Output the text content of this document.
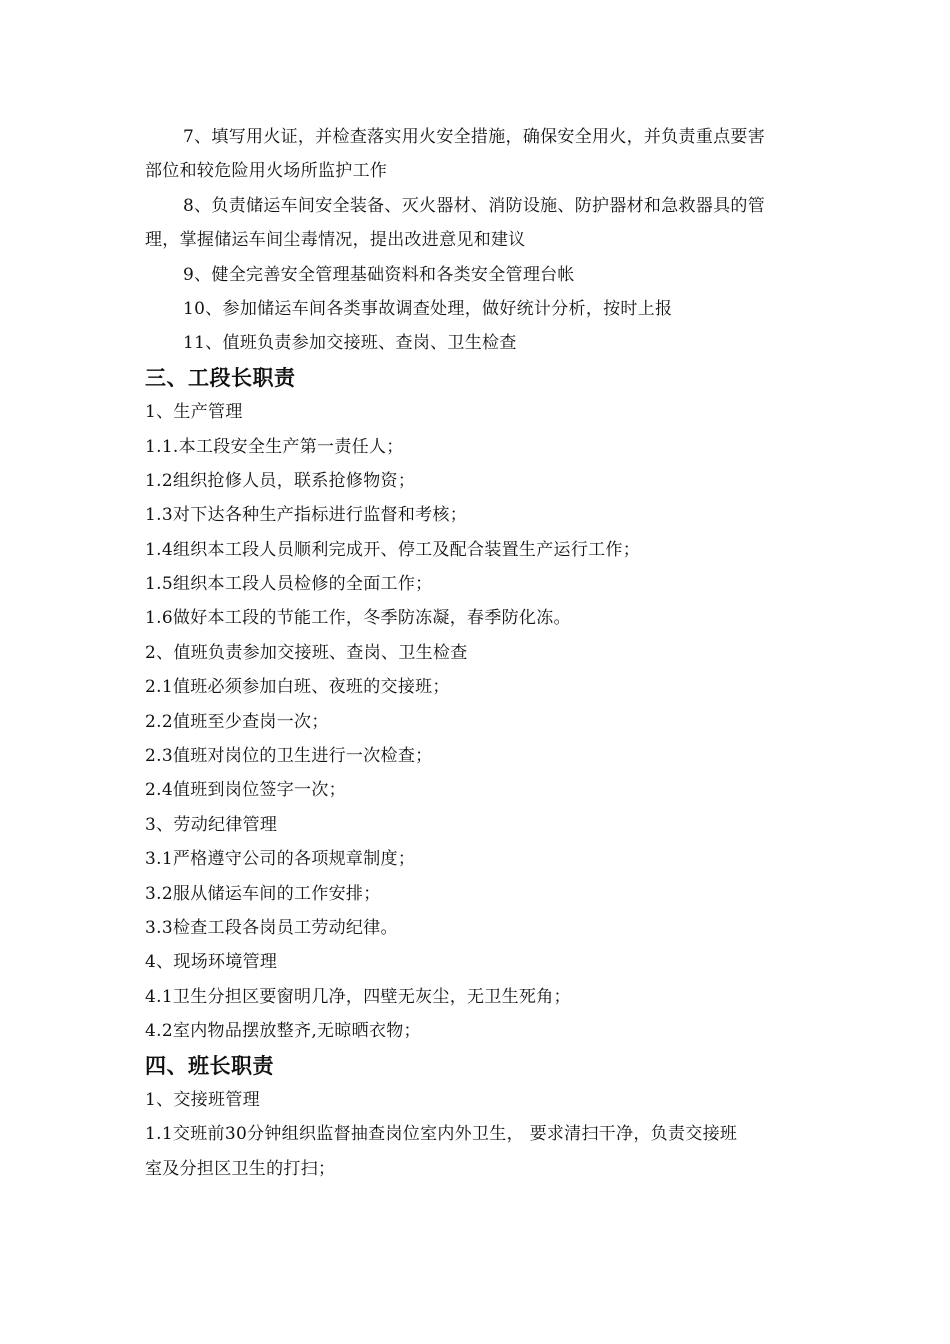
7、填写用火证，并检查落实用火安全措施，确保安全用火，并负责重点要害
部位和较危险用火场所监护工作
8、负责储运车间安全装备、灭火器材、消防设施、防护器材和急救器具的管
理，掌握储运车间尘毒情况，提出改进意见和建议
9、健全完善安全管理基础资料和各类安全管理台帐
10、参加储运车间各类事故调查处理，做好统计分析，按时上报
11、值班负责参加交接班、查岗、卫生检查
三、工段长职责
1、生产管理
1.1.本工段安全生产第一责任人；
1.2组织抢修人员，联系抢修物资；
1.3对下达各种生产指标进行监督和考核；
1.4组织本工段人员顺利完成开、停工及配合装置生产运行工作；
1.5组织本工段人员检修的全面工作；
1.6做好本工段的节能工作，冬季防冻凝，春季防化冻。
2、值班负责参加交接班、查岗、卫生检查
2.1值班必须参加白班、夜班的交接班；
2.2值班至少查岗一次；
2.3值班对岗位的卫生进行一次检查；
2.4值班到岗位签字一次；
3、劳动纪律管理
3.1严格遵守公司的各项规章制度；
3.2服从储运车间的工作安排；
3.3检查工段各岗员工劳动纪律。
4、现场环境管理
4.1卫生分担区要窗明几净，四壁无灰尘，无卫生死角；
4.2室内物品摆放整齐,无晾晒衣物；
四、班长职责
1、交接班管理
1.1交班前30分钟组织监督抽查岗位室内外卫生， 要求清扫干净，负责交接班
室及分担区卫生的打扫；
